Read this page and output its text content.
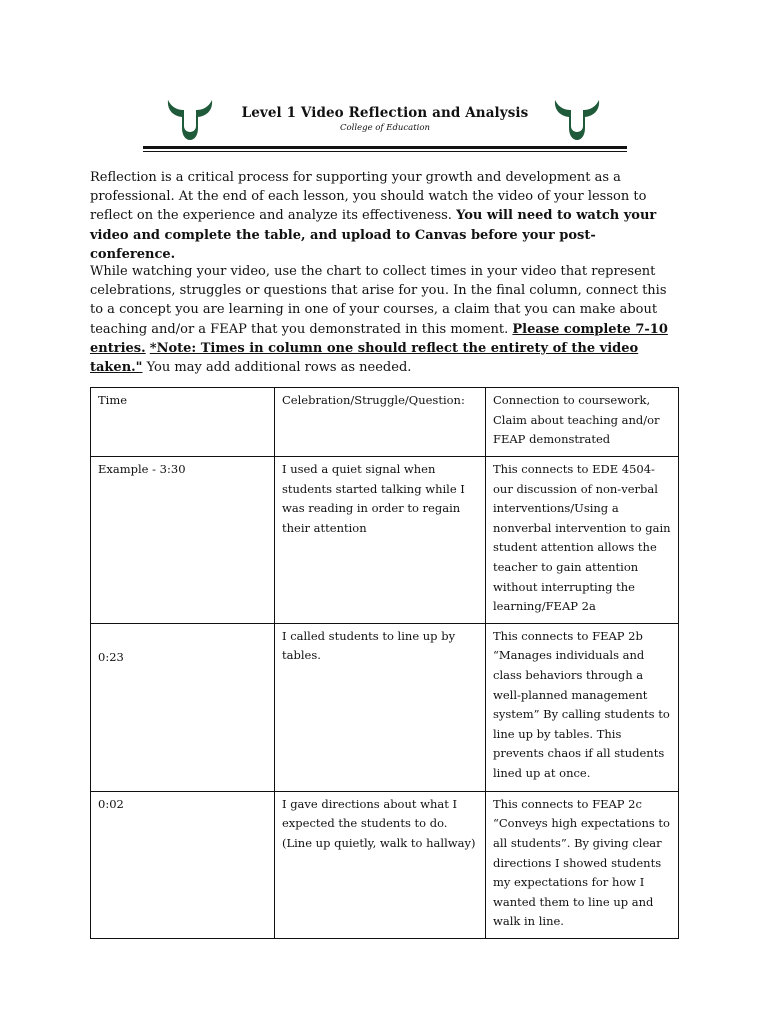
Level 1 Video Reflection and Analysis
College of Education
Reflection is a critical process for supporting your growth and development as a professional. At the end of each lesson, you should watch the video of your lesson to reflect on the experience and analyze its effectiveness. You will need to watch your video and complete the table, and upload to Canvas before your post-conference.
While watching your video, use the chart to collect times in your video that represent celebrations, struggles or questions that arise for you. In the final column, connect this to a concept you are learning in one of your courses, a claim that you can make about teaching and/or a FEAP that you demonstrated in this moment. Please complete 7-10 entries. *Note: Times in column one should reflect the entirety of the video taken." You may add additional rows as needed.
Time	Celebration/Struggle/Question:	Connection to coursework, Claim about teaching and/or FEAP demonstrated
Example - 3:30	I used a quiet signal when students started talking while I was reading in order to regain their attention	This connects to EDE 4504-our discussion of non-verbal interventions/Using a nonverbal intervention to gain student attention allows the teacher to gain attention without interrupting the learning/FEAP 2a
0:23	I called students to line up by tables.	This connects to FEAP 2b “Manages individuals and class behaviors through a well-planned management system” By calling students to line up by tables. This prevents chaos if all students lined up at once.
0:02	I gave directions about what I expected the students to do. (Line up quietly, walk to hallway)	This connects to FEAP 2c “Conveys high expectations to all students”. By giving clear directions I showed students my expectations for how I wanted them to line up and walk in line.
